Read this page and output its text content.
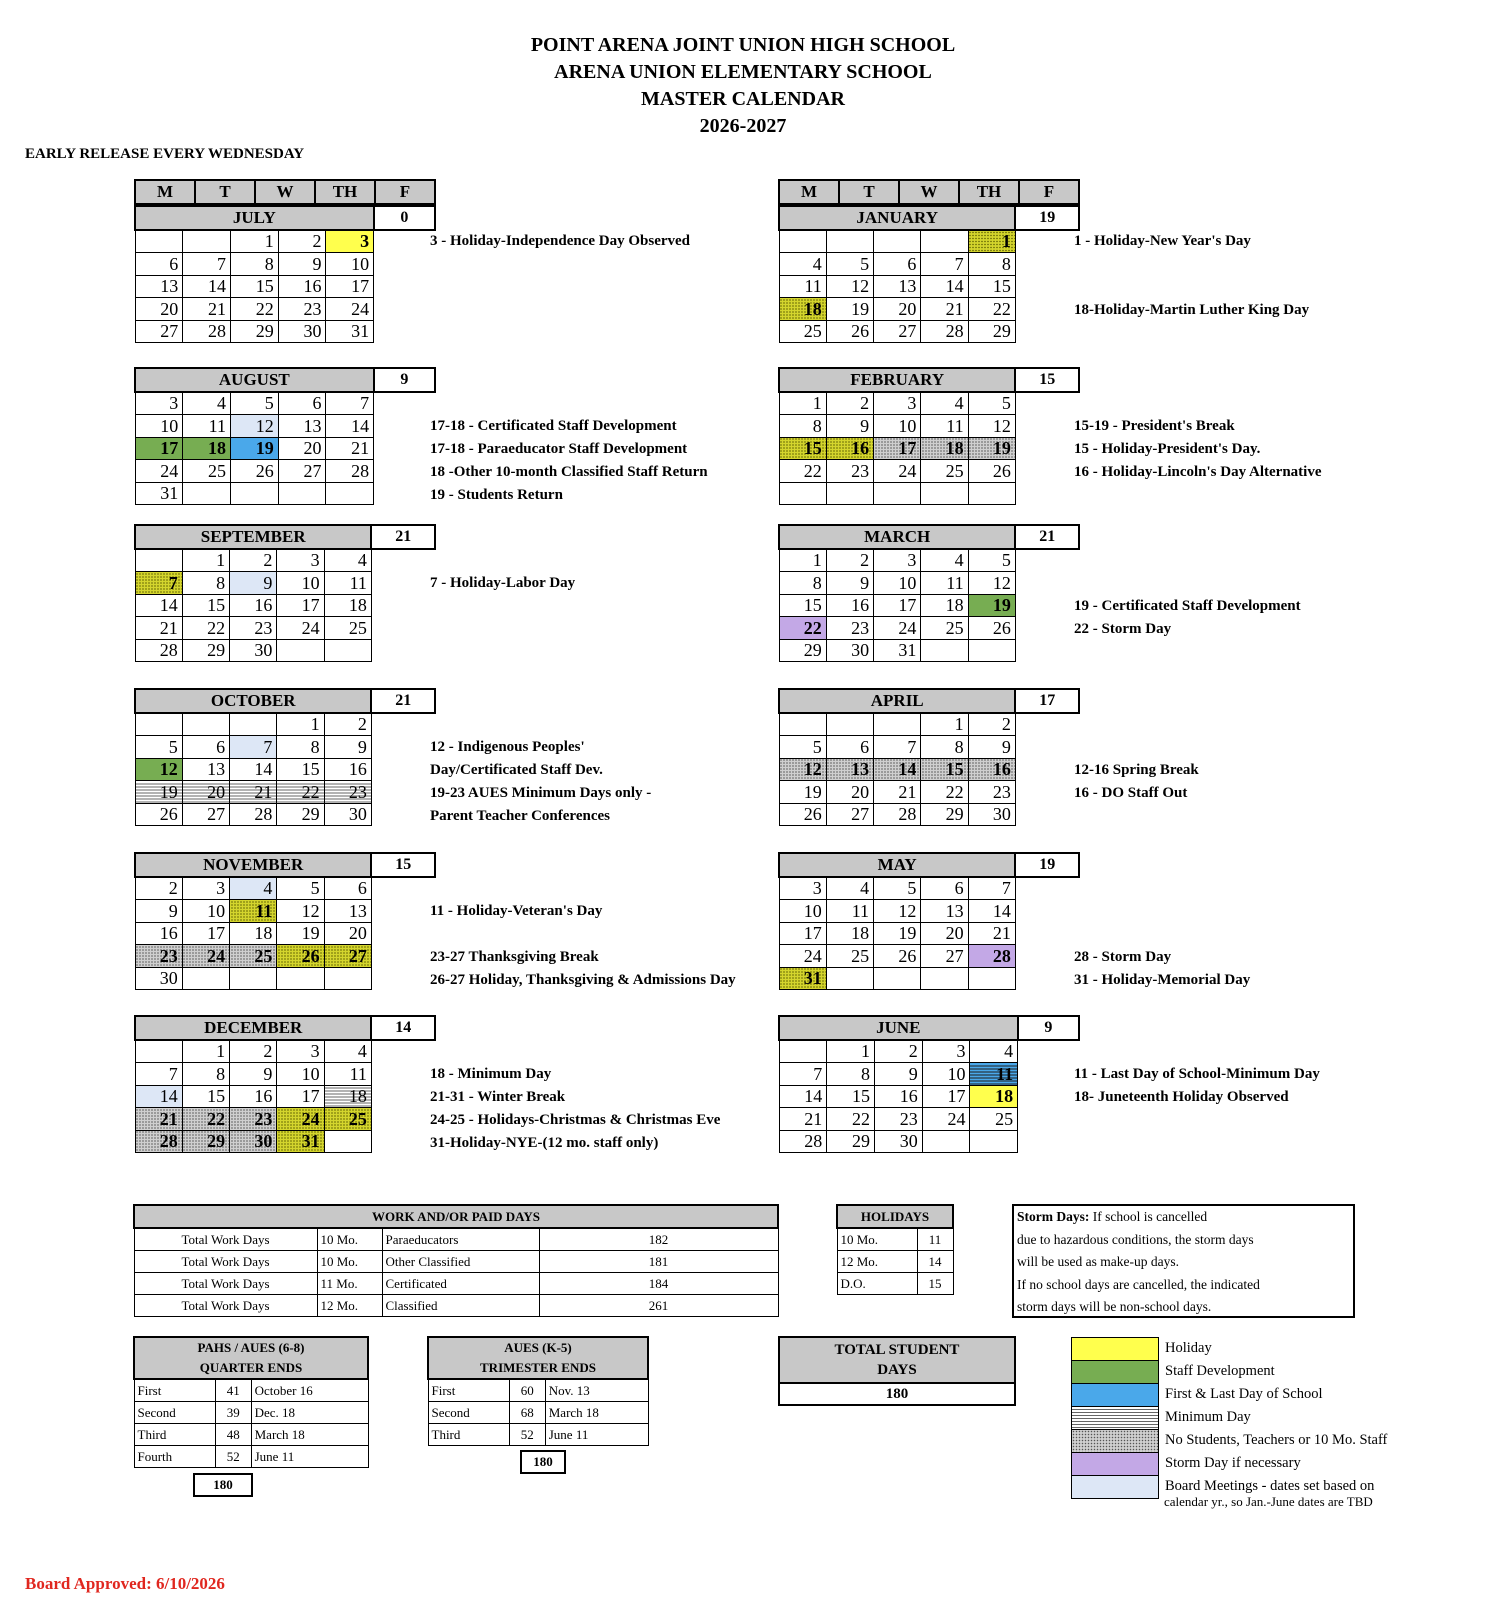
POINT ARENA JOINT UNION HIGH SCHOOL
ARENA UNION ELEMENTARY SCHOOL
MASTER CALENDAR
2026-2027
EARLY RELEASE EVERY WEDNESDAY
M	T	W	TH	F
JULY					0
		1	2	3	
6	7	8	9	10	
13	14	15	16	17	
20	21	22	23	24	
27	28	29	30	31	
3 - Holiday-Independence Day Observed
AUGUST					9
3	4	5	6	7	
10	11	12	13	14	
17	18	19	20	21	
24	25	26	27	28	
31					
17-18 - Certificated Staff Development
17-18 - Paraeducator Staff Development
18 -Other 10-month Classified Staff Return
19 - Students Return
SEPTEMBER					21
	1	2	3	4	
7	8	9	10	11	
14	15	16	17	18	
21	22	23	24	25	
28	29	30			
7 - Holiday-Labor Day
OCTOBER					21
			1	2	
5	6	7	8	9	
12	13	14	15	16	
19	20	21	22	23	
26	27	28	29	30	
12 - Indigenous Peoples'
Day/Certificated Staff Dev.
19-23 AUES Minimum Days only -
Parent Teacher Conferences
NOVEMBER					15
2	3	4	5	6	
9	10	11	12	13	
16	17	18	19	20	
23	24	25	26	27	
30					
11 - Holiday-Veteran's Day
23-27 Thanksgiving Break
26-27 Holiday, Thanksgiving & Admissions Day
DECEMBER					14
	1	2	3	4	
7	8	9	10	11	
14	15	16	17	18	
21	22	23	24	25	
28	29	30	31		
18 - Minimum Day
21-31 - Winter Break
24-25 - Holidays-Christmas & Christmas Eve
31-Holiday-NYE-(12 mo. staff only)
M	T	W	TH	F
JANUARY					19
				1	
4	5	6	7	8	
11	12	13	14	15	
18	19	20	21	22	
25	26	27	28	29	
1 - Holiday-New Year's Day
18-Holiday-Martin Luther King Day
FEBRUARY					15
1	2	3	4	5	
8	9	10	11	12	
15	16	17	18	19	
22	23	24	25	26	

15-19 - President's Break
15 - Holiday-President's Day.
16 - Holiday-Lincoln's Day Alternative
MARCH					21
1	2	3	4	5	
8	9	10	11	12	
15	16	17	18	19	
22	23	24	25	26	
29	30	31			
19 - Certificated Staff Development
22 - Storm Day
APRIL					17
			1	2	
5	6	7	8	9	
12	13	14	15	16	
19	20	21	22	23	
26	27	28	29	30	
12-16 Spring Break
16 - DO Staff Out
MAY					19
3	4	5	6	7	
10	11	12	13	14	
17	18	19	20	21	
24	25	26	27	28	
31					
28 - Storm Day
31 - Holiday-Memorial Day
JUNE					9
	1	2	3	4	
7	8	9	10	11	
14	15	16	17	18	
21	22	23	24	25	
28	29	30			
11 - Last Day of School-Minimum Day
18- Juneteenth Holiday Observed
WORK AND/OR PAID DAYS			
Total Work Days	10 Mo.	Paraeducators	182
Total Work Days	10 Mo.	Other Classified	181
Total Work Days	11 Mo.	Certificated	184
Total Work Days	12 Mo.	Classified	261
HOLIDAYS	
10 Mo.	11
12 Mo.	14
D.O.	15
Storm Days: If school is cancelled
due to hazardous conditions, the storm days
will be used as make-up days.
If no school days are cancelled, the indicated
storm days will be non-school days.
PAHS / AUES (6-8)
QUARTER ENDS		

First	41	October 16
Second	39	Dec. 18
Third	48	March 18
Fourth	52	June 11
180
AUES (K-5)
TRIMESTER ENDS		

First	60	Nov. 13
Second	68	March 18
Third	52	June 11
180
TOTAL STUDENT
DAYS
180
Holiday
Staff Development
First & Last Day of School
Minimum Day
No Students, Teachers or 10 Mo. Staff
Storm Day if necessary
Board Meetings - dates set based on
calendar yr., so Jan.-June dates are TBD
Board Approved: 6/10/2026
